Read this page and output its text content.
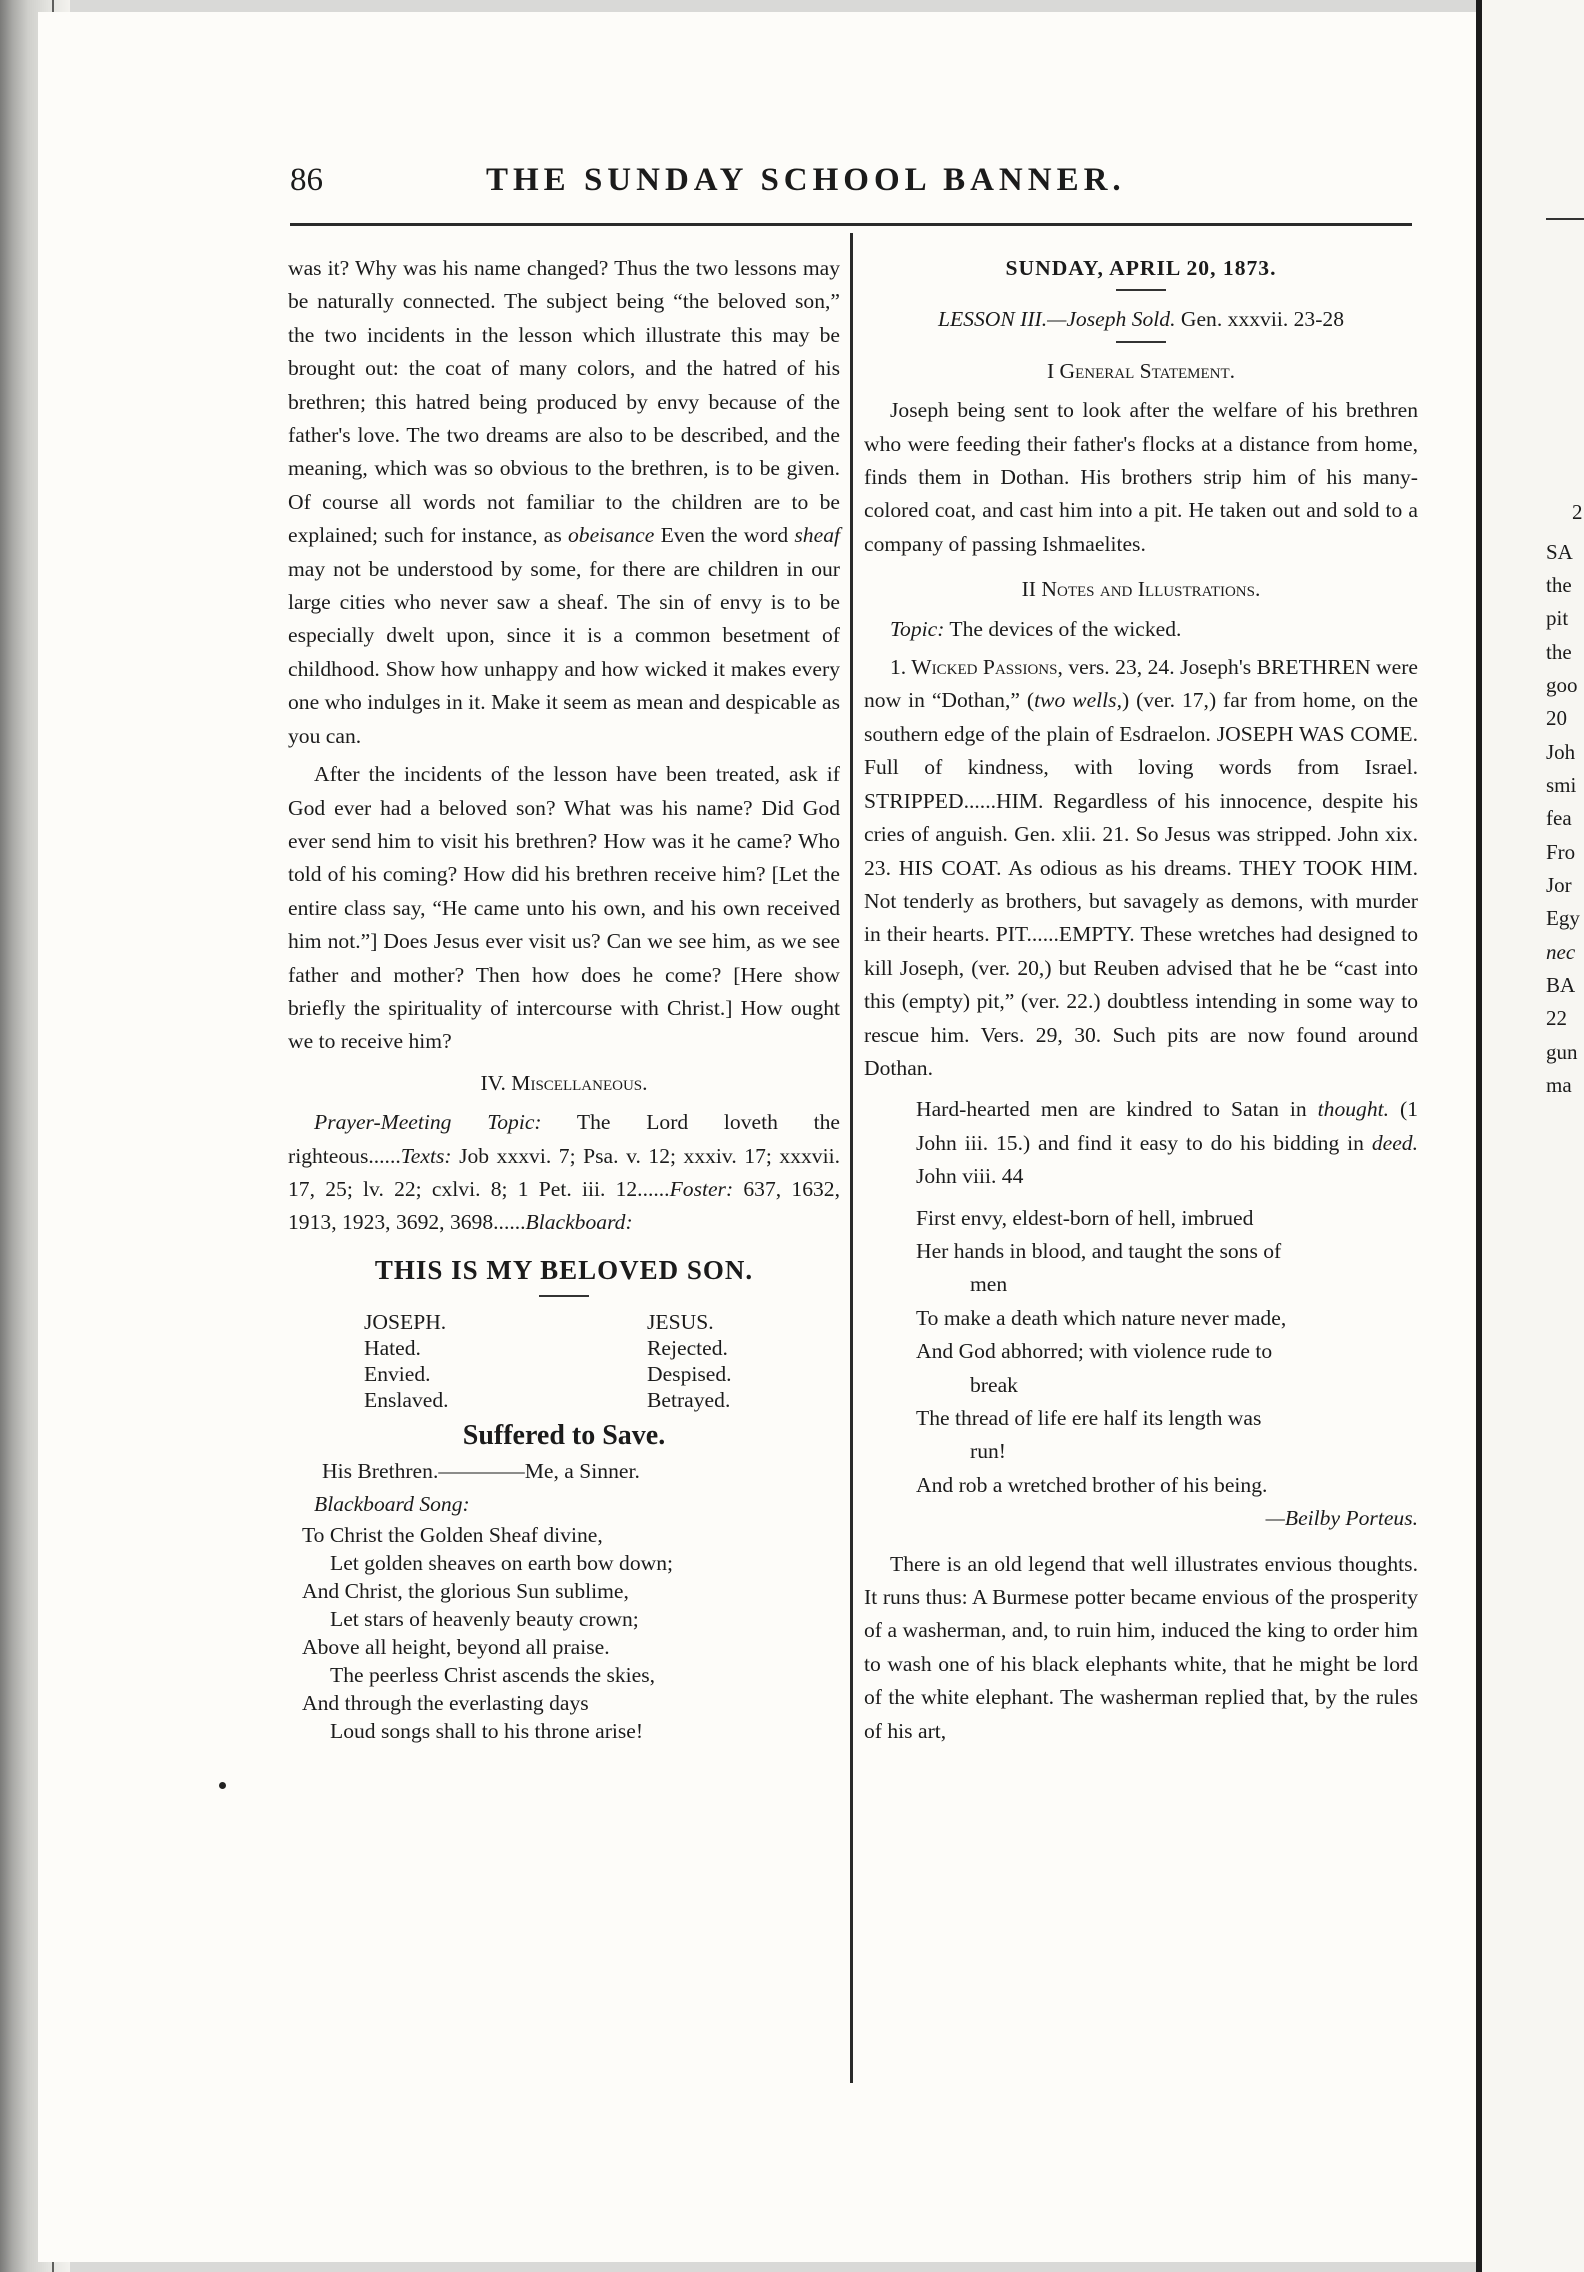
2
SA
the
pit
the
goo
20
Joh
smi
fea
Fro
Jor
Egy
nec
BA
22
gun
ma
86	THE SUNDAY SCHOOL BANNER.

was it? Why was his name changed? Thus the two lessons may be naturally connected. The subject being “the beloved son,” the two incidents in the lesson which illustrate this may be brought out: the coat of many colors, and the hatred of his brethren; this hatred being produced by envy because of the father's love. The two dreams are also to be described, and the meaning, which was so obvious to the brethren, is to be given. Of course all words not familiar to the children are to be explained; such for instance, as obeisance Even the word sheaf may not be understood by some, for there are children in our large cities who never saw a sheaf. The sin of envy is to be especially dwelt upon, since it is a common besetment of childhood. Show how unhappy and how wicked it makes every one who indulges in it. Make it seem as mean and despicable as you can.

After the incidents of the lesson have been treated, ask if God ever had a beloved son? What was his name? Did God ever send him to visit his brethren? How was it he came? Who told of his coming? How did his brethren receive him? [Let the entire class say, “He came unto his own, and his own received him not.”] Does Jesus ever visit us? Can we see him, as we see father and mother? Then how does he come? [Here show briefly the spirituality of intercourse with Christ.] How ought we to receive him?

IV. Miscellaneous.

Prayer-Meeting Topic: The Lord loveth the righteous......Texts: Job xxxvi. 7; Psa. v. 12; xxxiv. 17; xxxvii. 17, 25; lv. 22; cxlvi. 8; 1 Pet. iii. 12......Foster: 637, 1632, 1913, 1923, 3692, 3698......Blackboard:

THIS IS MY BELOVED SON.
JOSEPH.
Hated.
Envied.
Enslaved.
JESUS.
Rejected.
Despised.
Betrayed.
Suffered to Save.
His Brethren.————Me, a Sinner.

Blackboard Song:

To Christ the Golden Sheaf divine,
Let golden sheaves on earth bow down;
And Christ, the glorious Sun sublime,
Let stars of heavenly beauty crown;
Above all height, beyond all praise.
The peerless Christ ascends the skies,
And through the everlasting days
Loud songs shall to his throne arise!
SUNDAY, APRIL 20, 1873.
LESSON III.—Joseph Sold. Gen. xxxvii. 23-28
I General Statement.

Joseph being sent to look after the welfare of his brethren who were feeding their father's flocks at a distance from home, finds them in Dothan. His brothers strip him of his many-colored coat, and cast him into a pit. He taken out and sold to a company of passing Ishmaelites.

II Notes and Illustrations.

Topic: The devices of the wicked.

1. Wicked Passions, vers. 23, 24. Joseph's BRETHREN were now in “Dothan,” (two wells,) (ver. 17,) far from home, on the southern edge of the plain of Esdraelon. JOSEPH WAS COME. Full of kindness, with loving words from Israel. STRIPPED......HIM. Regardless of his innocence, despite his cries of anguish. Gen. xlii. 21. So Jesus was stripped. John xix. 23. HIS COAT. As odious as his dreams. THEY TOOK HIM. Not tenderly as brothers, but savagely as demons, with murder in their hearts. PIT......EMPTY. These wretches had designed to kill Joseph, (ver. 20,) but Reuben advised that he be “cast into this (empty) pit,” (ver. 22.) doubtless intending in some way to rescue him. Vers. 29, 30. Such pits are now found around Dothan.

Hard-hearted men are kindred to Satan in thought. (1 John iii. 15.) and find it easy to do his bidding in deed. John viii. 44

First envy, eldest-born of hell, imbrued
Her hands in blood, and taught the sons of
men
To make a death which nature never made,
And God abhorred; with violence rude to
break
The thread of life ere half its length was
run!
And rob a wretched brother of his being.
—Beilby Porteus.

There is an old legend that well illustrates envious thoughts. It runs thus: A Burmese potter became envious of the prosperity of a washerman, and, to ruin him, induced the king to order him to wash one of his black elephants white, that he might be lord of the white elephant. The washerman replied that, by the rules of his art,
